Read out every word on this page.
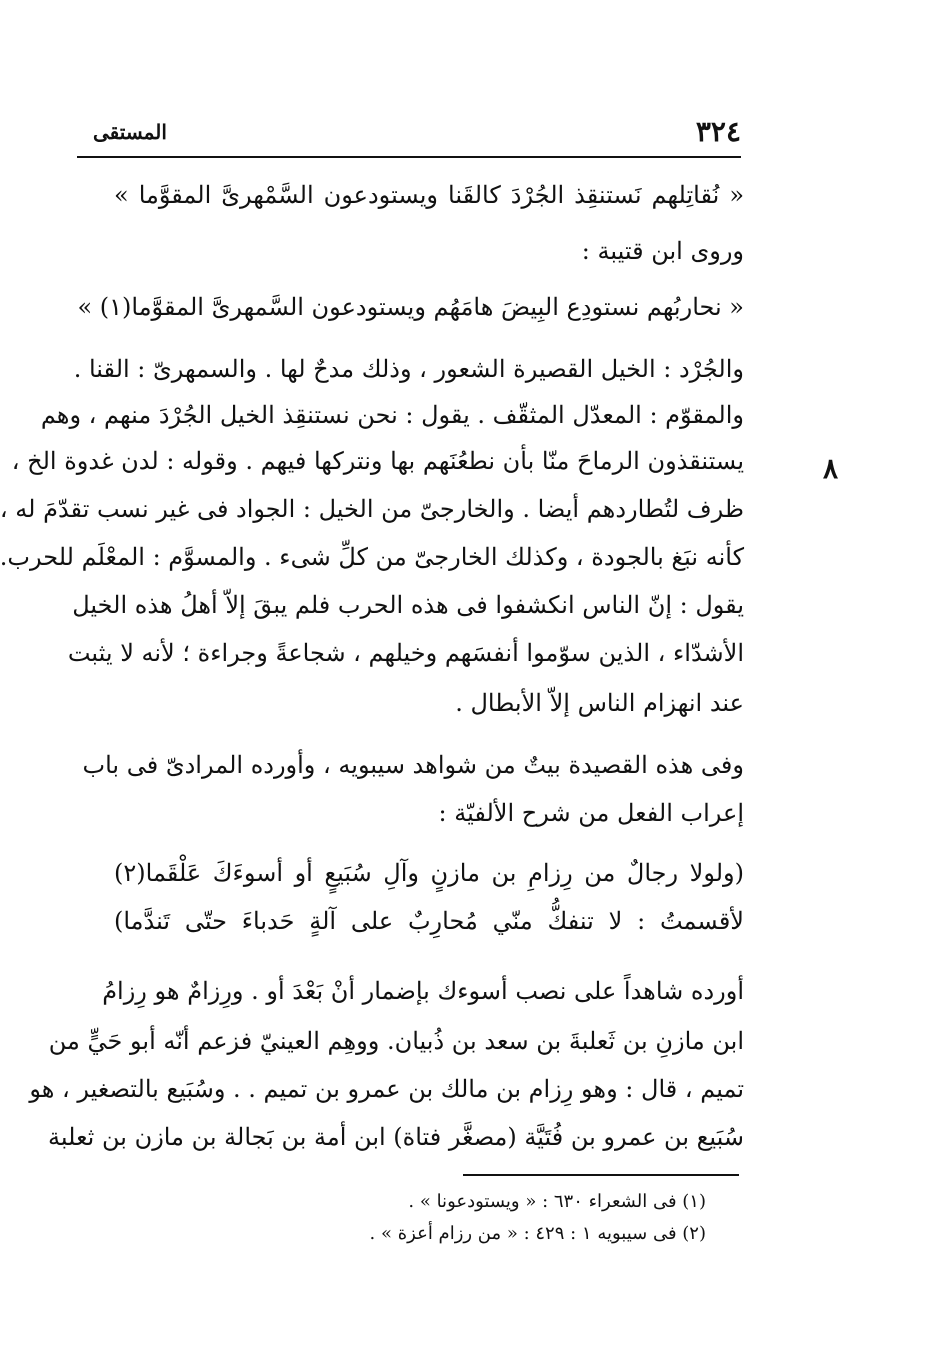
٣٢٤
المستقى
٨
« نُقاتِلهم نَستنقِذ الجُرْدَ كالقَنا ويستودعون السَّمْهرىَّ المقوَّما »
وروى ابن قتيبة :
« نحاربُهم نستودِع البِيضَ هامَهُم ويستودعون السَّمهرىَّ المقوَّما(١) »
والجُرْد : الخيل القصيرة الشعور ، وذلك مدحٌ لها . والسمهرىّ : القنا .
والمقوّم : المعدّل المثقّف . يقول : نحن نستنقِذ الخيل الجُرْدَ منهم ، وهم
يستنقذون الرماحَ منّا بأن نطعُنَهم بها ونتركها فيهم . وقوله : لدن غدوة الخ ،
ظرف لتُطاردهم أيضا . والخارجىّ من الخيل : الجواد فى غير نسب تقدّمَ له ،
كأنه نبَغ بالجودة ، وكذلك الخارجىّ من كلِّ شىء . والمسوَّم : المعْلَم للحرب.
يقول : إنّ الناس انكشفوا فى هذه الحرب فلم يبقَ إلاّ أهلُ هذه الخيل
الأشدّاء ، الذين سوّموا أنفسَهم وخيلهم ، شجاعةً وجراءة ؛ لأنه لا يثبت
عند انهزام الناس إلاّ الأبطال .
وفى هذه القصيدة بيتٌ من شواهد سيبويه ، وأورده المرادىّ فى باب
إعراب الفعل من شرح الألفيّة :
(ولولا رجالٌ من رِزامِ بن مازنٍ وآلِ سُبَيعٍ أو أسوءَكَ عَلْقَما(٢)
لأقسمتُ : لا تنفكُّ منّي مُحارِبٌ على آلةٍ حَدباءَ حتّى تَندَّما)
أورده شاهداً على نصب أسوءك بإضمار أنْ بَعْدَ أو . ورِزامٌ هو رِزامُ
ابن مازنِ بن ثَعلبةَ بن سعد بن ذُبيان. ووهِم العينيّ فزعم أنّه أبو حَيٍّ من
تميم ، قال : وهو رِزام بن مالك بن عمرو بن تميم . . وسُبَيع بالتصغير ، هو
سُبَيع بن عمرو بن فُتَيَّة (مصغَّر فتاة) ابن أمة بن بَجالة بن مازن بن ثعلبة
(١) فى الشعراء ٦٣٠ : « ويستودعونا » .
(٢) فى سيبويه ١ : ٤٢٩ : « من رزام أعزة » .
